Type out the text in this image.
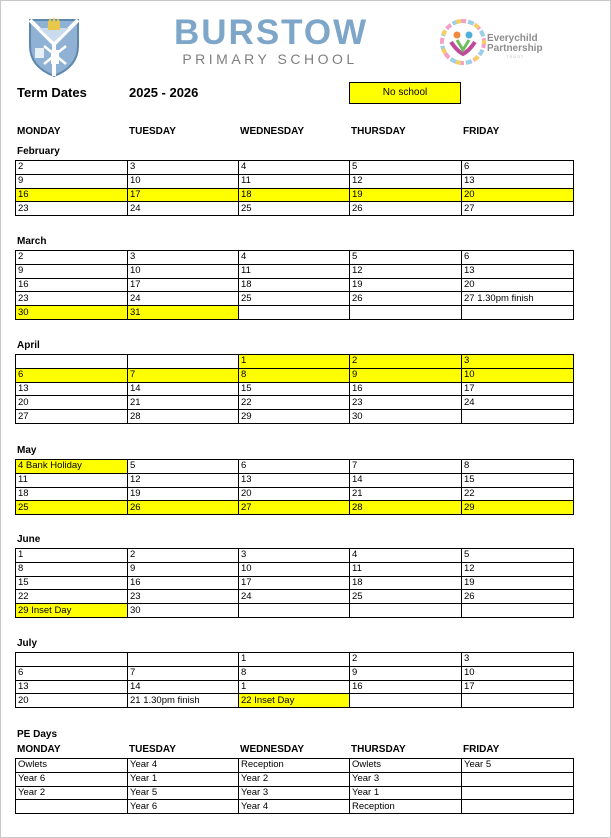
BURSTOW
PRIMARY SCHOOL
Everychild
Partnership
TRUST
Term Dates	2025 - 2026	No school
MONDAY	TUESDAY	WEDNESDAY	THURSDAY	FRIDAY
February
2	3	4	5	6
9	10	11	12	13
16	17	18	19	20
23	24	25	26	27
March
2	3	4	5	6
9	10	11	12	13
16	17	18	19	20
23	24	25	26	27 1.30pm finish
30	31			
April
		1	2	3
6	7	8	9	10
13	14	15	16	17
20	21	22	23	24
27	28	29	30	
May
4 Bank Holiday	5	6	7	8
11	12	13	14	15
18	19	20	21	22
25	26	27	28	29
June
1	2	3	4	5
8	9	10	11	12
15	16	17	18	19
22	23	24	25	26
29 Inset Day	30			
July
		1	2	3
6	7	8	9	10
13	14	1	16	17
20	21 1.30pm finish	22 Inset Day		
PE Days
MONDAY	TUESDAY	WEDNESDAY	THURSDAY	FRIDAY
Owlets	Year 4	Reception	Owlets	Year 5
Year 6	Year 1	Year 2	Year 3	
Year 2	Year 5	Year 3	Year 1	
	Year 6	Year 4	Reception	
